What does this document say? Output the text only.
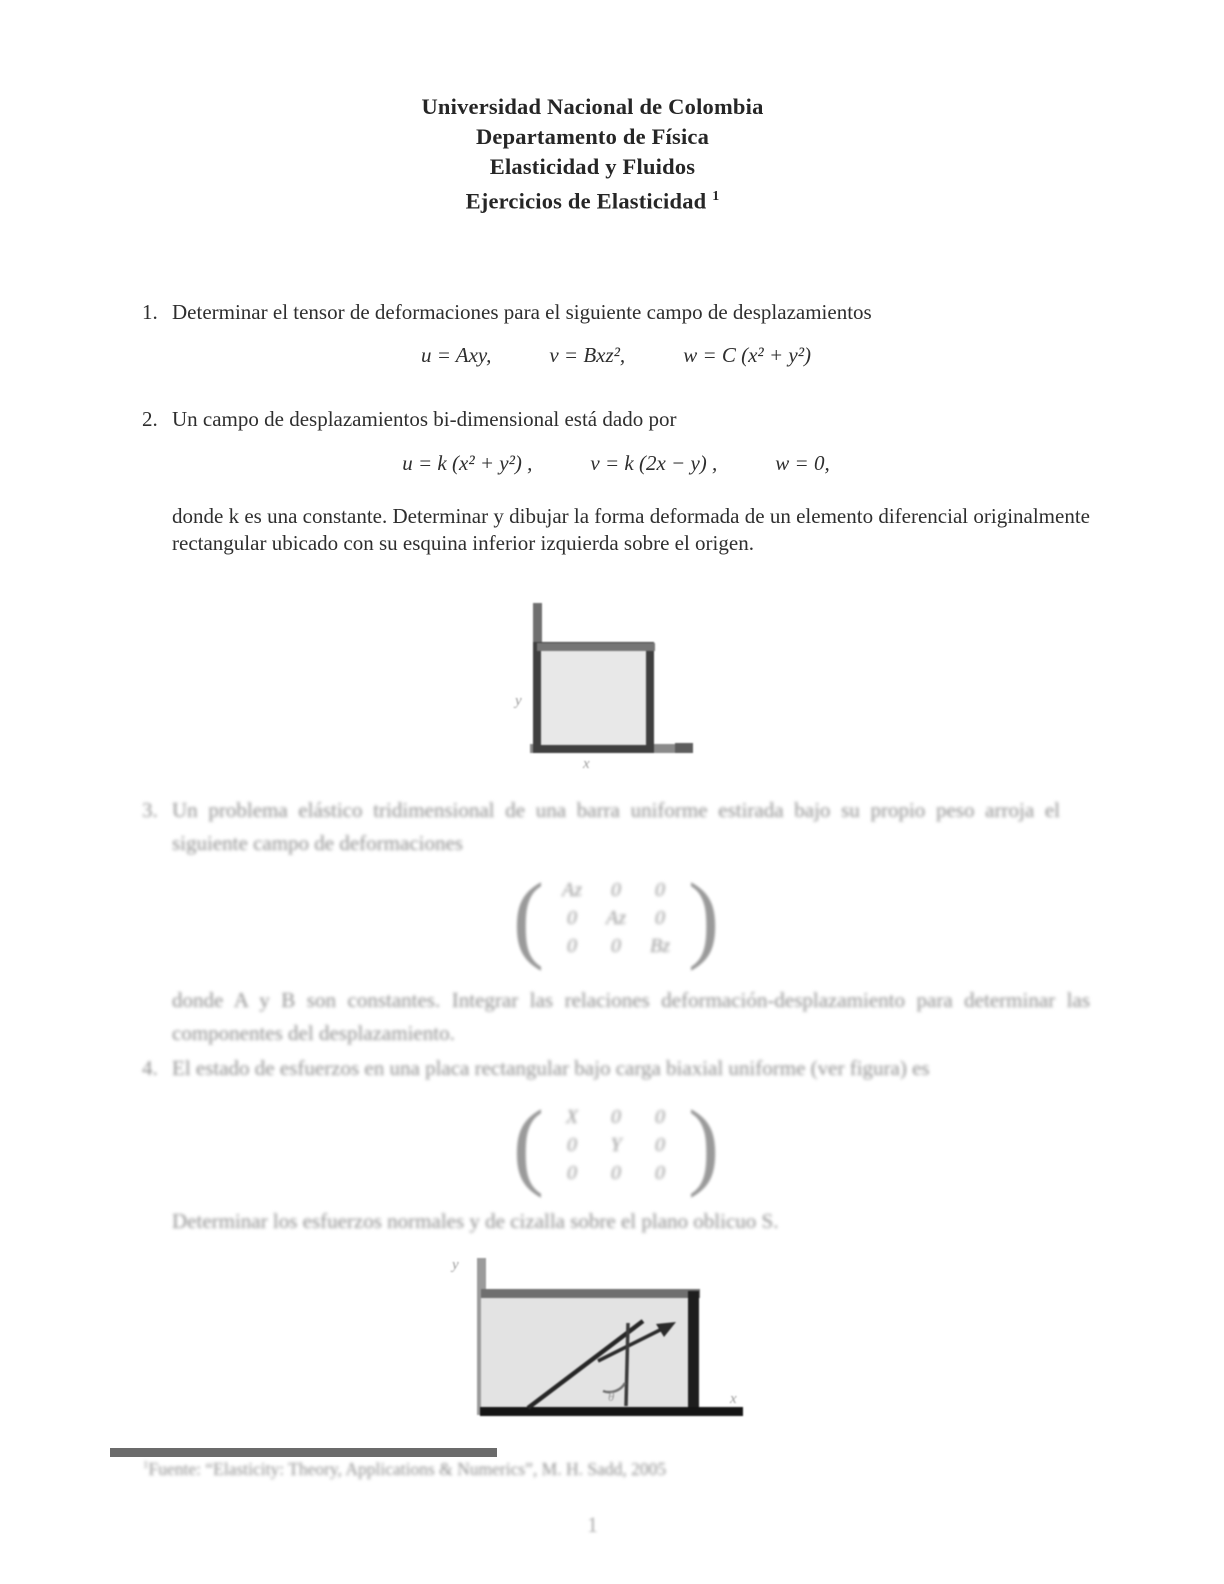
Universidad Nacional de Colombia
Departamento de Física
Elasticidad y Fluidos
Ejercicios de Elasticidad $^1$
1. Determinar el tensor de deformaciones para el siguiente campo de desplazamientos
u = Axy,	v = Bxz²,	w = C (x² + y²)
2. Un campo de desplazamientos bi-dimensional está dado por
u = k (x² + y²) ,	v = k (2x − y) ,	w = 0,
donde k es una constante. Determinar y dibujar la forma deformada de un elemento diferencial originalmente rectangular ubicado con su esquina inferior izquierda sobre el origen.
y
x
3. Un problema elástico tridimensional de una barra uniforme estirada bajo su propio peso arroja el siguiente campo de deformaciones
( Az 0 0
0 Az 0
0 0 Bz )
donde A y B son constantes. Integrar las relaciones deformación-desplazamiento para determinar las componentes del desplazamiento.
4. El estado de esfuerzos en una placa rectangular bajo carga biaxial uniforme (ver figura) es
( X 0 0
0 Y 0
0 0 0 )
Determinar los esfuerzos normales y de cizalla sobre el plano oblicuo S.
y
θ	x
$^1$Fuente: “Elasticity: Theory, Applications & Numerics”, M. H. Sadd, 2005
1
